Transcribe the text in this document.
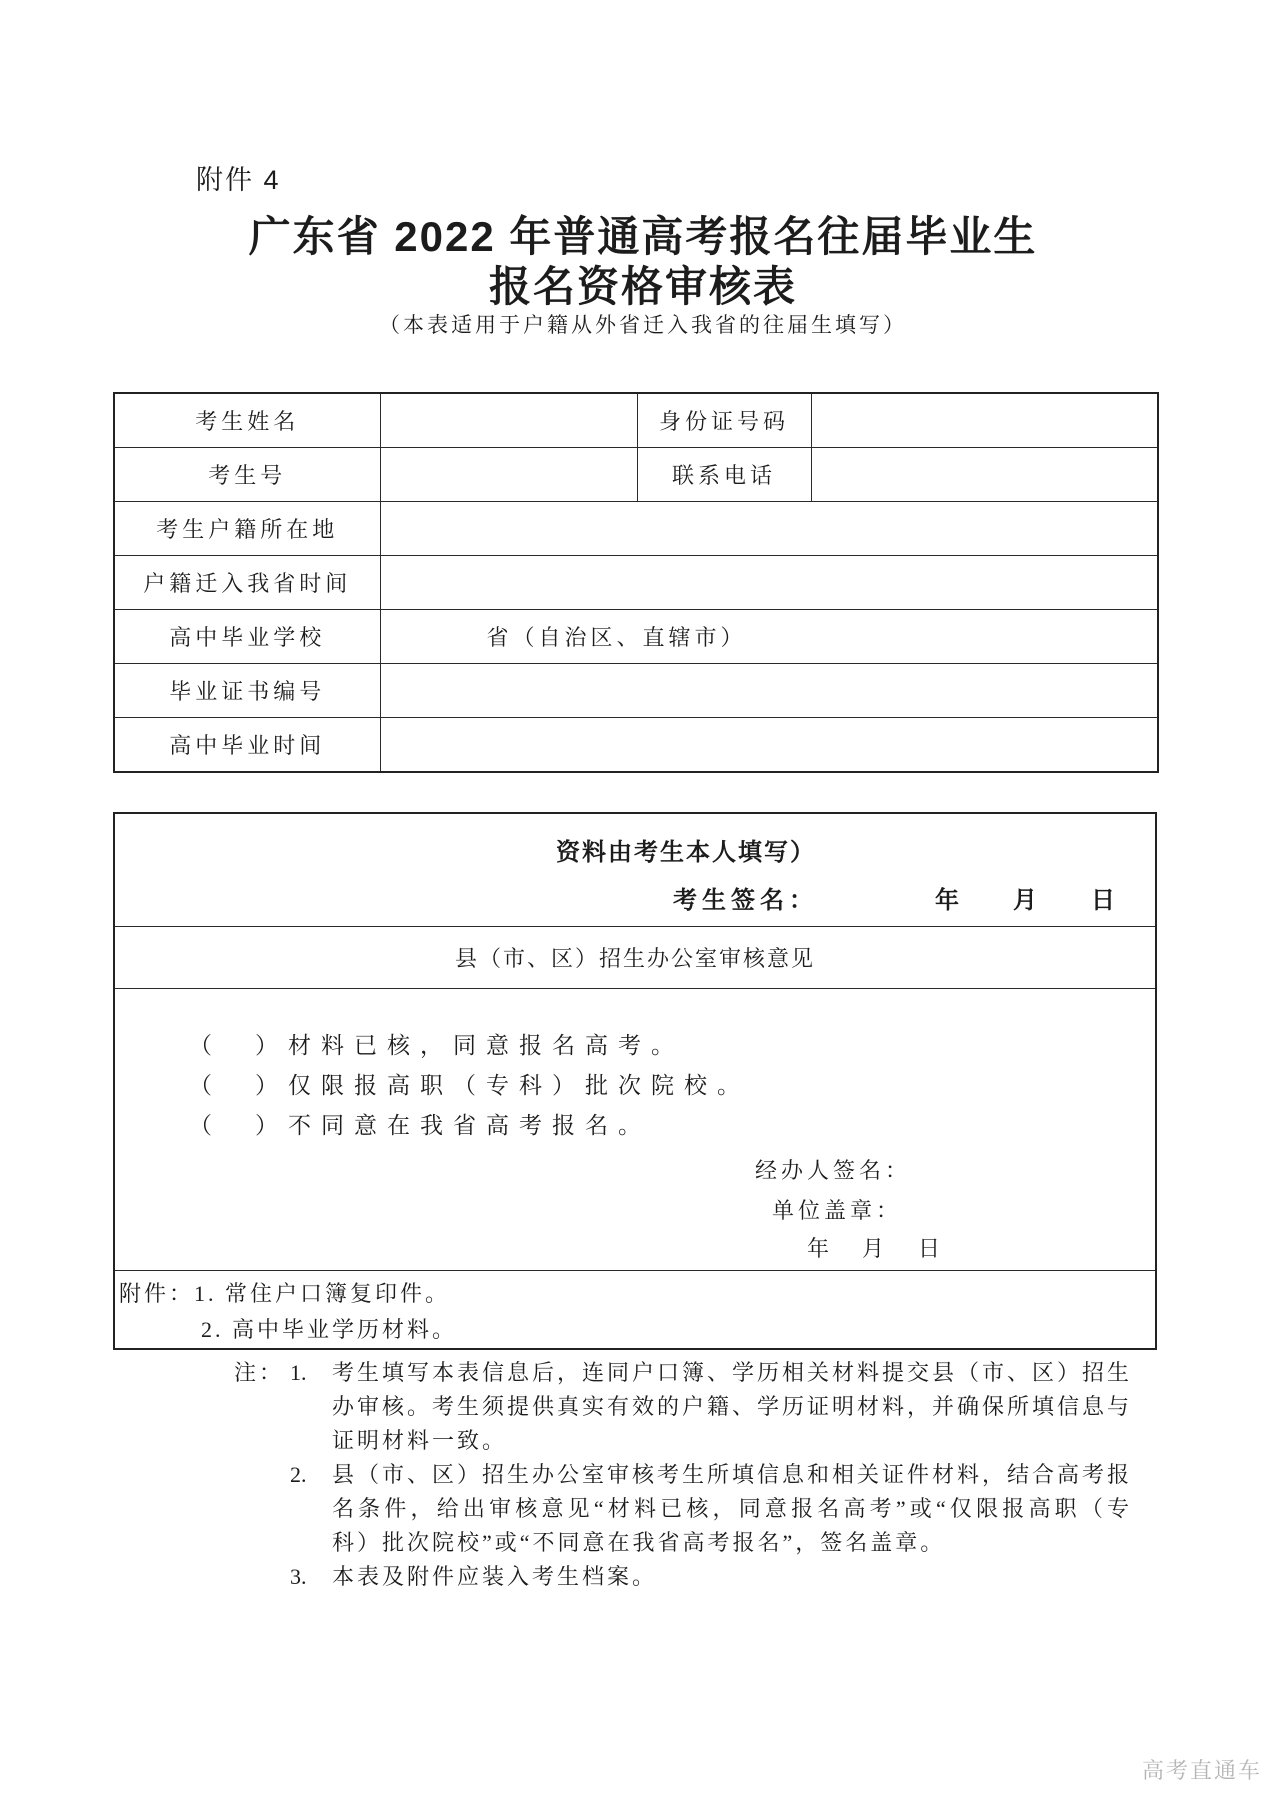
附件 4
广东省 2022 年普通高考报名往届毕业生
报名资格审核表
（本表适用于户籍从外省迁入我省的往届生填写）
考生姓名		身份证号码	
考生号		联系电话	
考生户籍所在地			
户籍迁入我省时间			
高中毕业学校	省（自治区、直辖市）		
毕业证书编号			
高中毕业时间			
资料由考生本人填写）
考生签名：	年 月 日
县（市、区）招生办公室审核意见
（　）材料已核，同意报名高考。
（　）仅限报高职（专科）批次院校。
（　）不同意在我省高考报名。
经办人签名：
单位盖章：
年 月 日
附件：1. 常住户口簿复印件。
2. 高中毕业学历材料。
注： 1. 考生填写本表信息后，连同户口簿、学历相关材料提交县（市、区）招生办审核。考生须提供真实有效的户籍、学历证明材料，并确保所填信息与证明材料一致。
2. 县（市、区）招生办公室审核考生所填信息和相关证件材料，结合高考报名条件，给出审核意见“材料已核，同意报名高考”或“仅限报高职（专科）批次院校”或“不同意在我省高考报名”，签名盖章。
3. 本表及附件应装入考生档案。
高考直通车
